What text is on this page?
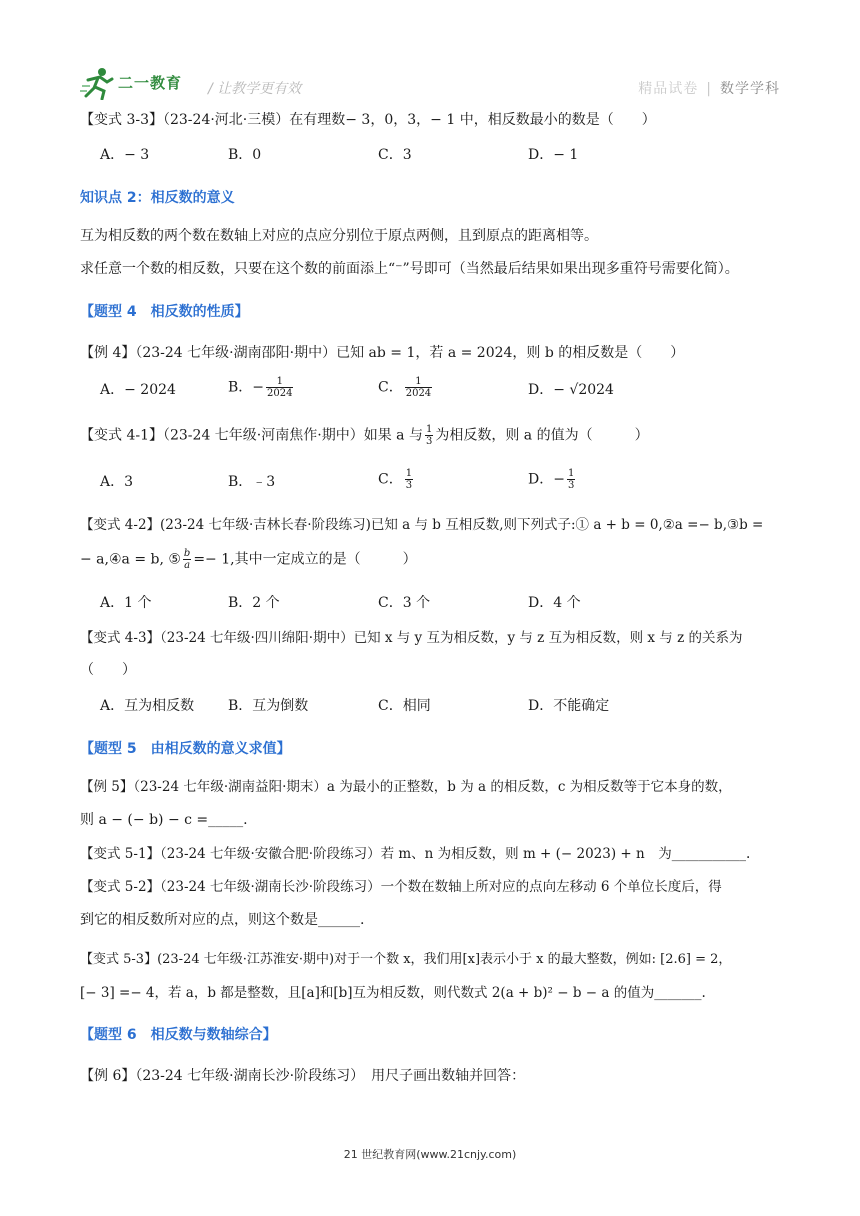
二一教育 / 让教学更有效	精品试卷 | 数学学科
【变式 3-3】（23-24·河北·三模）在有理数− 3，0，3，− 1 中，相反数最小的数是（　　）
A．− 3	B．0	C．3	D．− 1
知识点 2：相反数的意义
互为相反数的两个数在数轴上对应的点应分别位于原点两侧，且到原点的距离相等。
求任意一个数的相反数，只要在这个数的前面添上“⁻”号即可（当然最后结果如果出现多重符号需要化简）。
【题型 4　相反数的性质】
【例 4】（23-24 七年级·湖南邵阳·期中）已知 ab = 1，若 a = 2024，则 b 的相反数是（　　）
A．− 2024	B．− $\frac{1}{2024}$	C． $\frac{1}{2024}$	D．− √2024
【变式 4-1】（23-24 七年级·河南焦作·期中）如果 a 与 $\frac{1}{3}$ 为相反数，则 a 的值为（　　　）
A．3	B．﹣3	C． $\frac{1}{3}$	D．− $\frac{1}{3}$
【变式 4-2】(23-24 七年级·吉林长春·阶段练习)已知 a 与 b 互相反数,则下列式子:① a + b = 0,②a =− b,③b =
− a,④a = b, ⑤ $\frac{b}{a} =- 1$,其中一定成立的是（　　　）
A．1 个	B．2 个	C．3 个	D．4 个
【变式 4-3】（23-24 七年级·四川绵阳·期中）已知 x 与 y 互为相反数，y 与 z 互为相反数，则 x 与 z 的关系为
（　　）
A．互为相反数 B．互为倒数	C．相同	D．不能确定
【题型 5　由相反数的意义求值】
【例 5】（23-24 七年级·湖南益阳·期末）a 为最小的正整数，b 为 a 的相反数，c 为相反数等于它本身的数，
则 a − (− b) − c =_____.
【变式 5-1】（23-24 七年级·安徽合肥·阶段练习）若 m、n 为相反数，则 m + (− 2023) + n　为___________.
【变式 5-2】（23-24 七年级·湖南长沙·阶段练习）一个数在数轴上所对应的点向左移动 6 个单位长度后，得
到它的相反数所对应的点，则这个数是______.
【变式 5-3】(23-24 七年级·江苏淮安·期中)对于一个数 x，我们用[x]表示小于 x 的最大整数，例如: [2.6] = 2，
[− 3] =− 4，若 a，b 都是整数，且[a]和[b]互为相反数，则代数式 2(a + b)² − b − a 的值为_______.
【题型 6　相反数与数轴综合】
【例 6】（23-24 七年级·湖南长沙·阶段练习）　用尺子画出数轴并回答：
21 世纪教育网(www.21cnjy.com)
